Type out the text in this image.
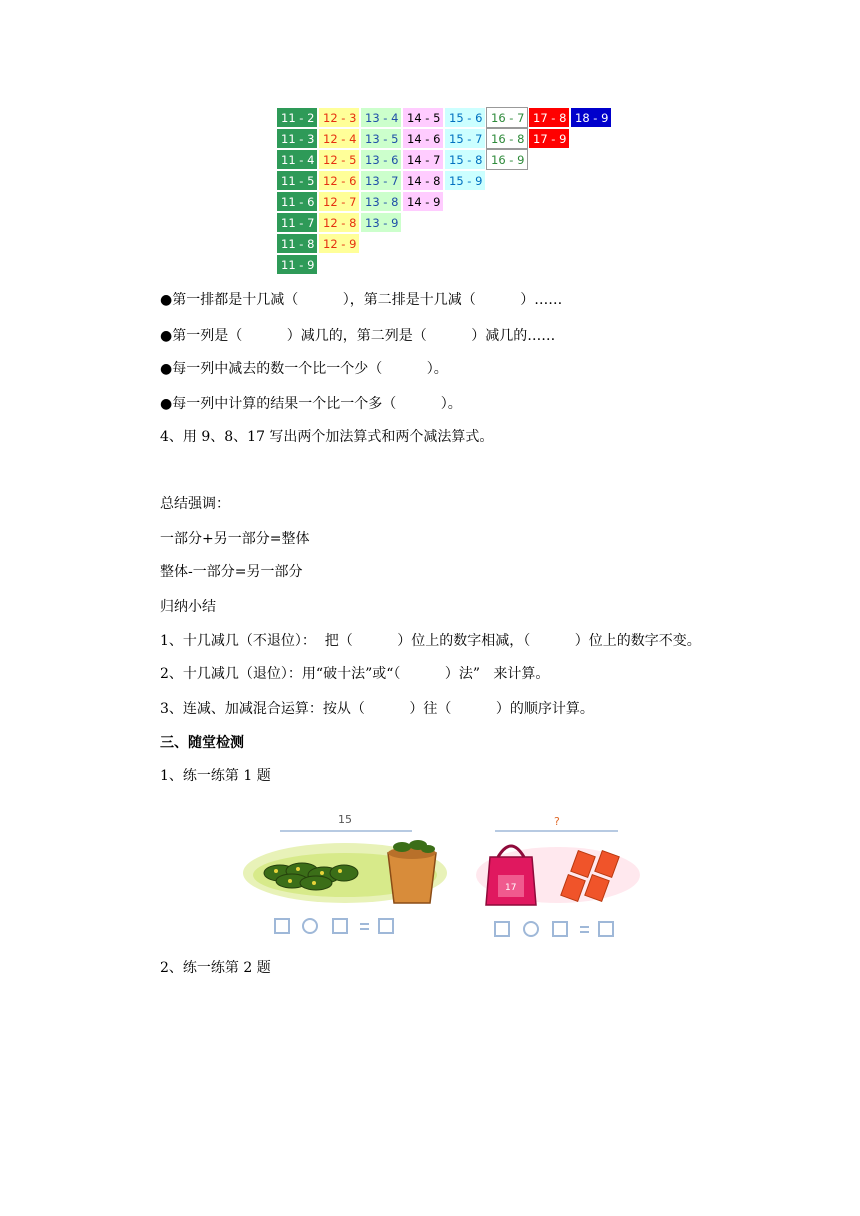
11 - 2
11 - 3
11 - 4
11 - 5
11 - 6
11 - 7
11 - 8
11 - 9
12 - 3
12 - 4
12 - 5
12 - 6
12 - 7
12 - 8
12 - 9
13 - 4
13 - 5
13 - 6
13 - 7
13 - 8
13 - 9
14 - 5
14 - 6
14 - 7
14 - 8
14 - 9
15 - 6
15 - 7
15 - 8
15 - 9
16 - 7
16 - 8
16 - 9
17 - 8
17 - 9
18 - 9
●第一排都是十几减（          ），第二排是十几减（          ）……
●第一列是（          ）减几的，第二列是（          ）减几的……
●每一列中减去的数一个比一个少（          ）。
●每一列中计算的结果一个比一个多（          ）。
4、用 9、8、17 写出两个加法算式和两个减法算式。
总结强调：
一部分+另一部分=整体
整体-一部分=另一部分
归纳小结
1、十几减几（不退位）：  把（          ）位上的数字相减，（          ）位上的数字不变。
2、十几减几（退位）：用“破十法”或“（          ）法”   来计算。
3、连减、加减混合运算：按从（          ）往（          ）的顺序计算。
三、随堂检测
1、练一练第 1 题
15	?
17
2、练一练第 2 题
